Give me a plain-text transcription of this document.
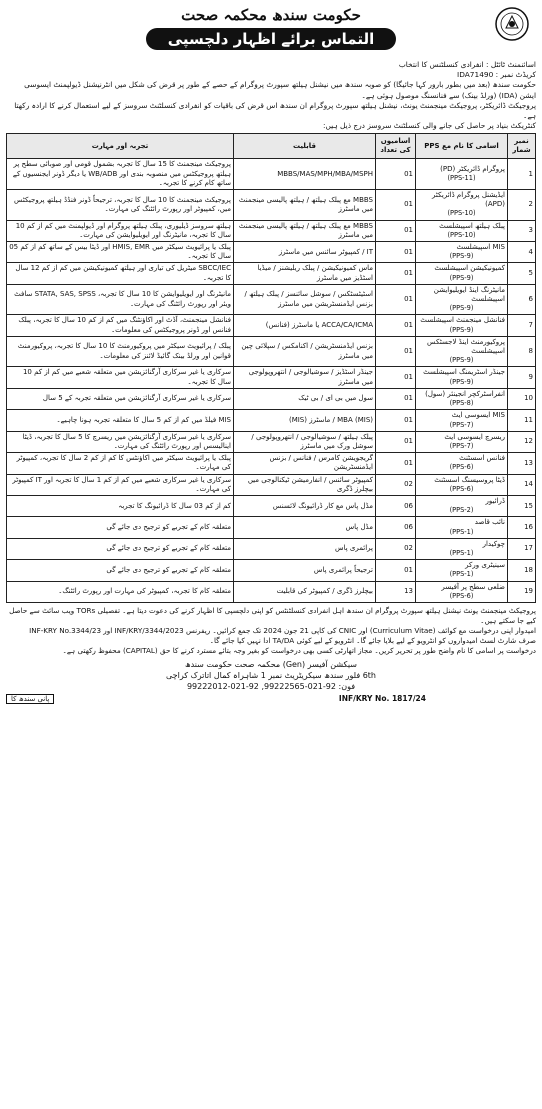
حکومت سندھ محکمہ صحت
التماس برائے اظہار دلچسپی

اسائنمنٹ ٹائٹل : انفرادی کنسلٹنس کا انتخاب

کریڈٹ نمبر : IDA71490

حکومت سندھ (بعد میں بطور بارور کہا جائیگا) کو صوبہ سندھ میں نیشنل ہیلتھ سپورٹ پروگرام کے حصے کے طور پر قرض کی شکل میں انٹرنیشنل ڈیولپمنٹ ایسوسی ایشن (IDA) (ورلڈ بینک) سے فنانسنگ موصول ہوئی ہے۔

پروجیکٹ ڈائریکٹر، پروجیکٹ مینجمنٹ یونٹ، نیشنل ہیلتھ سپورٹ پروگرام ان سندھ اس قرض کی باقیات کو انفرادی کنسلٹنٹ سروسز کے لیے استعمال کرنے کا ارادہ رکھتا ہے۔

کنٹریکٹ بنیاد پر حاصل کی جانے والی کنسلٹنٹ سروسز درج ذیل ہیں:

نمبر شمار	اسامی کا نام مع PPS	اسامیوں کی تعداد	قابلیت	تجربہ اور مہارت
1	پروگرام ڈائریکٹر (PD)
(PPS-11)	01	MBBS/MAS/MPH/MBA/MSPH	پروجیکٹ مینجمنٹ کا 15 سال کا تجربہ بشمول قومی اور صوبائی سطح پر ہیلتھ پروجیکٹس میں منصوبہ بندی اور WB/ADB یا دیگر ڈونر ایجنسیوں کے ساتھ کام کرنے کا تجربہ۔
2	ایڈیشنل پروگرام ڈائریکٹر (APD)
(PPS-10)	01	MBBS مع پبلک ہیلتھ / ہیلتھ پالیسی مینجمنٹ میں ماسٹرز	پروجیکٹ مینجمنٹ کا 10 سال کا تجربہ، ترجیحاً ڈونر فنڈڈ ہیلتھ پروجیکٹس میں، کمپیوٹر اور رپورٹ رائٹنگ کی مہارت۔
3	پبلک ہیلتھ اسپیشلسٹ
(PPS-10)	01	MBBS مع پبلک ہیلتھ / ہیلتھ پالیسی مینجمنٹ میں ماسٹرز	ہیلتھ سروسز ڈیلیوری، پبلک ہیلتھ پروگرام اور ڈیولپمنٹ میں کم از کم 10 سال کا تجربہ، مانیٹرنگ اور ایویلیوایشن کی مہارت۔
4	MIS اسپیشلسٹ
(PPS-9)	01	IT / کمپیوٹر سائنس میں ماسٹرز	پبلک یا پرائیویٹ سیکٹر میں HMIS, EMR اور ڈیٹا بیس کے ساتھ کم از کم 05 سال کا تجربہ۔
5	کمیونیکیشن اسپیشلسٹ
(PPS-9)	01	ماس کمیونیکیشن / پبلک ریلیشنز / میڈیا اسٹڈیز میں ماسٹرز	SBCC/IEC میٹریل کی تیاری اور ہیلتھ کمیونیکیشن میں کم از کم 12 سال کا تجربہ۔
6	مانیٹرنگ اینڈ ایویلیوایشن اسپیشلسٹ
(PPS-9)	01	اسٹیٹسٹکس / سوشل سائنسز / پبلک ہیلتھ / بزنس ایڈمنسٹریشن میں ماسٹرز	مانیٹرنگ اور ایویلیوایشن کا 10 سال کا تجربہ، STATA, SAS, SPSS سافٹ ویئر اور رپورٹ رائٹنگ کی مہارت۔
7	فنانشل مینجمنٹ اسپیشلسٹ
(PPS-9)	01	ACCA/CA/ICMA یا ماسٹرز (فنانس)	فنانشل مینجمنٹ، آڈٹ اور اکاؤنٹنگ میں کم از کم 10 سال کا تجربہ، پبلک فنانس اور ڈونر پروجیکٹس کی معلومات۔
8	پروکیورمنٹ اینڈ لاجسٹکس اسپیشلسٹ
(PPS-9)	01	بزنس ایڈمنسٹریشن / اکنامکس / سپلائی چین میں ماسٹرز	پبلک / پرائیویٹ سیکٹر میں پروکیورمنٹ کا 10 سال کا تجربہ، پروکیورمنٹ قوانین اور ورلڈ بینک گائیڈ لائنز کی معلومات۔
9	جینڈر اسٹریمنگ اسپیشلسٹ
(PPS-9)	01	جینڈر اسٹڈیز / سوشیالوجی / انتھروپولوجی میں ماسٹرز	سرکاری یا غیر سرکاری آرگنائزیشن میں متعلقہ شعبے میں کم از کم 10 سال کا تجربہ۔
10	انفراسٹرکچر انجینئر (سول)
(PPS-8)	01	سول میں بی ای / بی ٹیک	سرکاری یا غیر سرکاری آرگنائزیشن میں متعلقہ تجربہ کے 5 سال
11	MIS ایسوسی ایٹ
(PPS-7)	01	MBA (MIS) / ماسٹرز (MIS)	MIS فیلڈ میں کم از کم 5 سال کا متعلقہ تجربہ ہونا چاہیے۔
12	ریسرچ ایسوسی ایٹ
(PPS-7)	01	پبلک ہیلتھ / سوشیالوجی / انتھروپولوجی / سوشل ورک میں ماسٹرز	سرکاری یا غیر سرکاری آرگنائزیشن میں ریسرچ کا 5 سال کا تجربہ، ڈیٹا اینالیسس اور رپورٹ رائٹنگ کی مہارت۔
13	فنانس اسسٹنٹ
(PPS-6)	01	گریجویشن کامرس / فنانس / بزنس ایڈمنسٹریشن	پبلک یا پرائیویٹ سیکٹر میں اکاؤنٹس کا کم از کم 2 سال کا تجربہ، کمپیوٹر کی مہارت۔
14	ڈیٹا پروسیسنگ اسسٹنٹ
(PPS-6)	02	کمپیوٹر سائنس / انفارمیشن ٹیکنالوجی میں بیچلرز ڈگری	سرکاری یا غیر سرکاری شعبے میں کم از کم 1 سال کا تجربہ اور IT کمپیوٹر کی مہارت۔
15	ڈرائیور
(PPS-2)	06	مڈل پاس مع کار ڈرائیونگ لائسنس	کم از کم 03 سال کا ڈرائیونگ کا تجربہ
16	نائب قاصد
(PPS-1)	06	مڈل پاس	متعلقہ کام کے تجربے کو ترجیح دی جائے گی
17	چوکیدار
(PPS-1)	02	پرائمری پاس	متعلقہ کام کے تجربے کو ترجیح دی جائے گی
18	سینیٹری ورکر
(PPS-1)	01	ترجیحاً پرائمری پاس	متعلقہ کام کے تجربے کو ترجیح دی جائے گی
19	ضلعی سطح پر آفیسر
(PPS-6)	13	بیچلرز ڈگری / کمپیوٹر کی قابلیت	متعلقہ کام کا تجربہ، کمپیوٹر کی مہارت اور رپورٹ رائٹنگ۔

پروجیکٹ مینجمنٹ یونٹ نیشنل ہیلتھ سپورٹ پروگرام ان سندھ اہل انفرادی کنسلٹنٹس کو اپنی دلچسپی کا اظہار کرنے کی دعوت دیتا ہے۔ تفصیلی TORs ویب سائٹ سے حاصل کیے جا سکتے ہیں۔

امیدوار اپنی درخواست مع کوائف (Curriculum Vitae) اور CNIC کی کاپی 21 جون 2024 تک جمع کرائیں۔ ریفرنس INF/KRY/3344/2023 اور INF-KRY No.3344/23

صرف شارٹ لسٹ امیدواروں کو انٹرویو کے لیے بلایا جائے گا۔ انٹرویو کے لیے کوئی TA/DA ادا نہیں کیا جائے گا۔

درخواست پر اسامی کا نام واضح طور پر تحریر کریں۔ مجاز اتھارٹی کسی بھی درخواست کو بغیر وجہ بتائے مسترد کرنے کا حق (CAPITAL) محفوظ رکھتی ہے۔

سیکشن آفیسر (Gen) محکمہ صحت حکومت سندھ
6th فلور سندھ سیکریٹریٹ نمبر 1 شاہراہ کمال اتاترک کراچی
فون: 92-021-99222565, 92-021-99222012
INF/KRY No. 1817/24
پانی سندھ کا
